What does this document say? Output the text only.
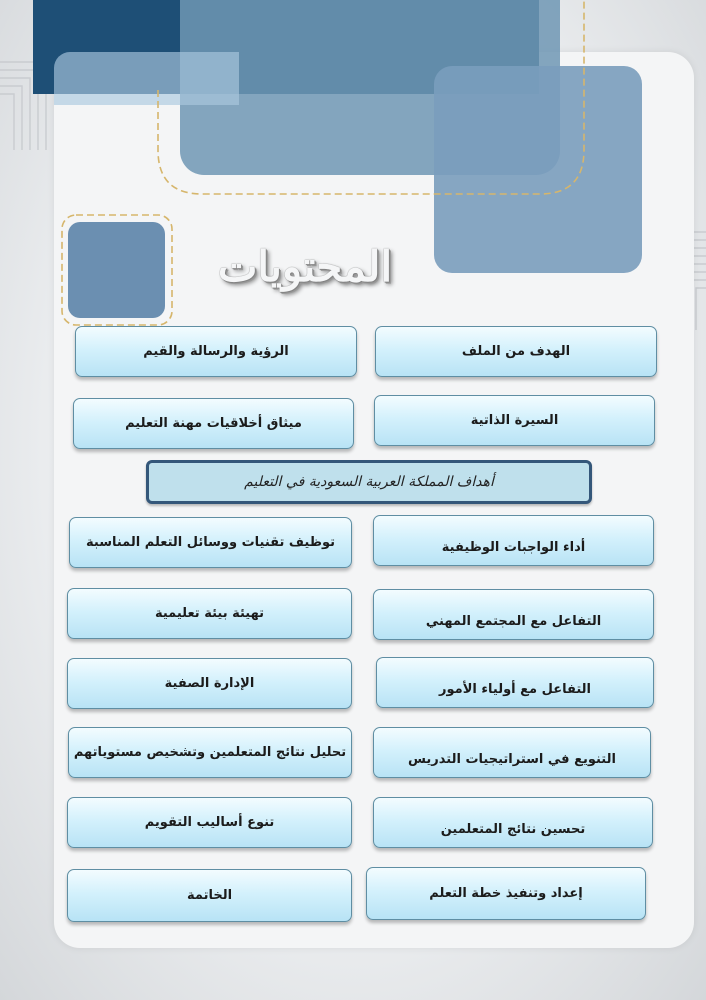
المحتويات
الهدف من الملف
السيرة الذاتية
أداء الواجبات الوظيفية
التفاعل مع المجتمع المهني
التفاعل مع أولياء الأمور
التنويع في استراتيجيات التدريس
تحسين نتائج المتعلمين
إعداد وتنفيذ خطة التعلم
الرؤية والرسالة والقيم
ميثاق أخلاقيات مهنة التعليم
توظيف تقنيات ووسائل التعلم المناسبة
تهيئة بيئة تعليمية
الإدارة الصفية
تحليل نتائج المتعلمين وتشخيص مستوياتهم
تنوع أساليب التقويم
الخاتمة
أهداف المملكة العربية السعودية في التعليم
